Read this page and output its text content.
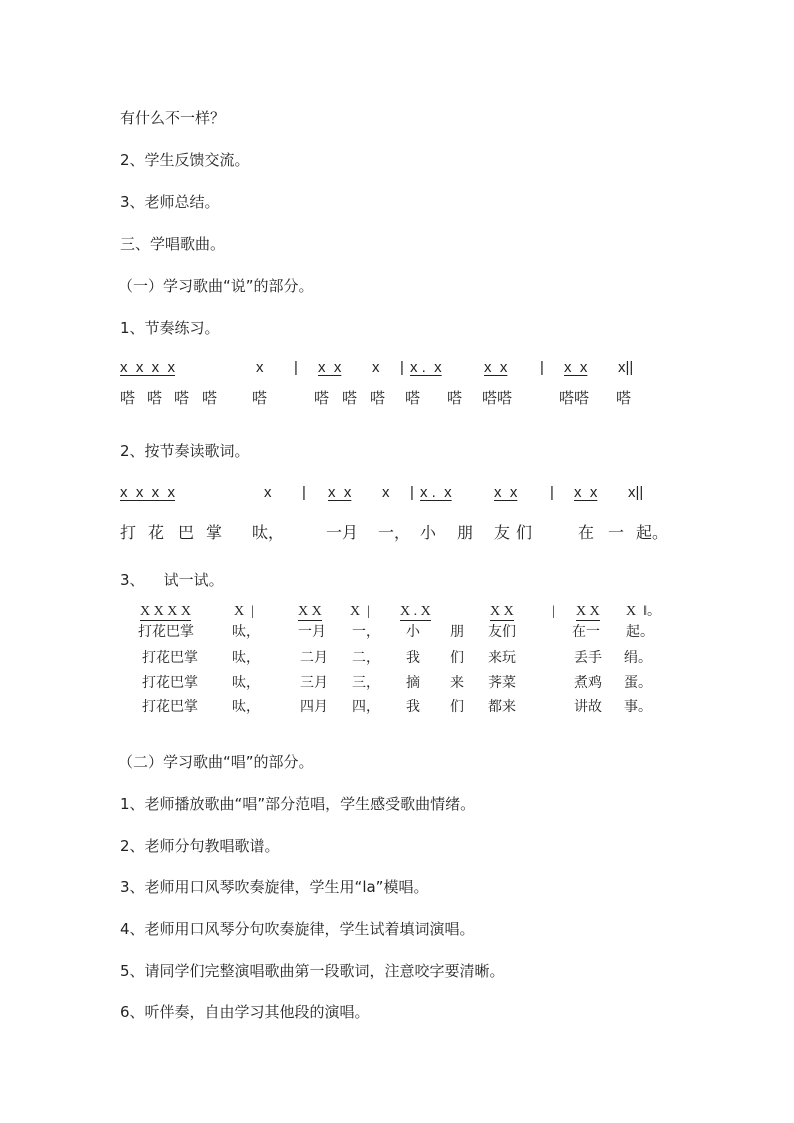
有什么不一样？
2、学生反馈交流。
3、老师总结。
三、学唱歌曲。
（一）学习歌曲“说”的部分。
1、节奏练习。
x  x  x  x	x | x  x x | x .  x	x  x | x  x x||
嗒 嗒 嗒 嗒 嗒	嗒 嗒 嗒 嗒 嗒 嗒嗒	嗒嗒 嗒
2、按节奏读歌词。
x  x  x  x	x | x  x x | x .  x	x  x | x  x x||
打 花 巴 掌 呔，	一月 一， 小 朋 友 们	在 一 起。
3、    试一试。
X X X X	X  |	X X X  | X . X	X X	| X X X  ‖。
打花巴掌	呔，	一月 一， 小 朋 友们	在一 起。
打花巴掌 呔，	二月 二， 我 们 来玩	丢手 绢。
打花巴掌 呔，	三月 三， 摘 来 荠菜	煮鸡 蛋。
打花巴掌 呔，	四月 四， 我 们 都来	讲故 事。
（二）学习歌曲“唱”的部分。
1、老师播放歌曲“唱”部分范唱，学生感受歌曲情绪。
2、老师分句教唱歌谱。
3、老师用口风琴吹奏旋律，学生用“la”模唱。
4、老师用口风琴分句吹奏旋律，学生试着填词演唱。
5、请同学们完整演唱歌曲第一段歌词，注意咬字要清晰。
6、听伴奏，自由学习其他段的演唱。
